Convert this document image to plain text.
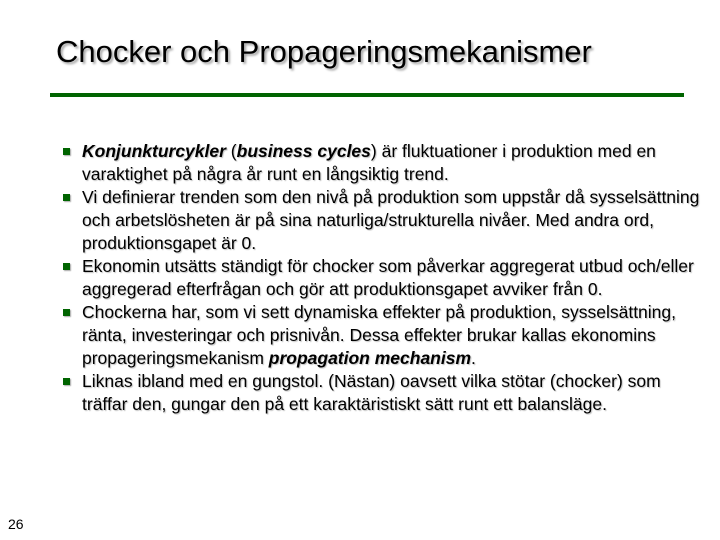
Chocker och Propageringsmekanismer
Konjunkturcykler (business cycles) är fluktuationer i produktion med en varaktighet på några år runt en långsiktig trend.
Vi definierar trenden som den nivå på produktion som uppstår då sysselsättning och arbetslösheten är på sina naturliga/strukturella nivåer. Med andra ord, produktionsgapet är 0.
Ekonomin utsätts ständigt för chocker som påverkar aggregerat utbud och/eller aggregerad efterfrågan och gör att produktionsgapet avviker från 0.
Chockerna har, som vi sett dynamiska effekter på produktion, sysselsättning, ränta, investeringar och prisnivån. Dessa effekter brukar kallas ekonomins propageringsmekanism propagation mechanism.
Liknas ibland med en gungstol. (Nästan) oavsett vilka stötar (chocker) som träffar den, gungar den på ett karaktäristiskt sätt runt ett balansläge.
26
